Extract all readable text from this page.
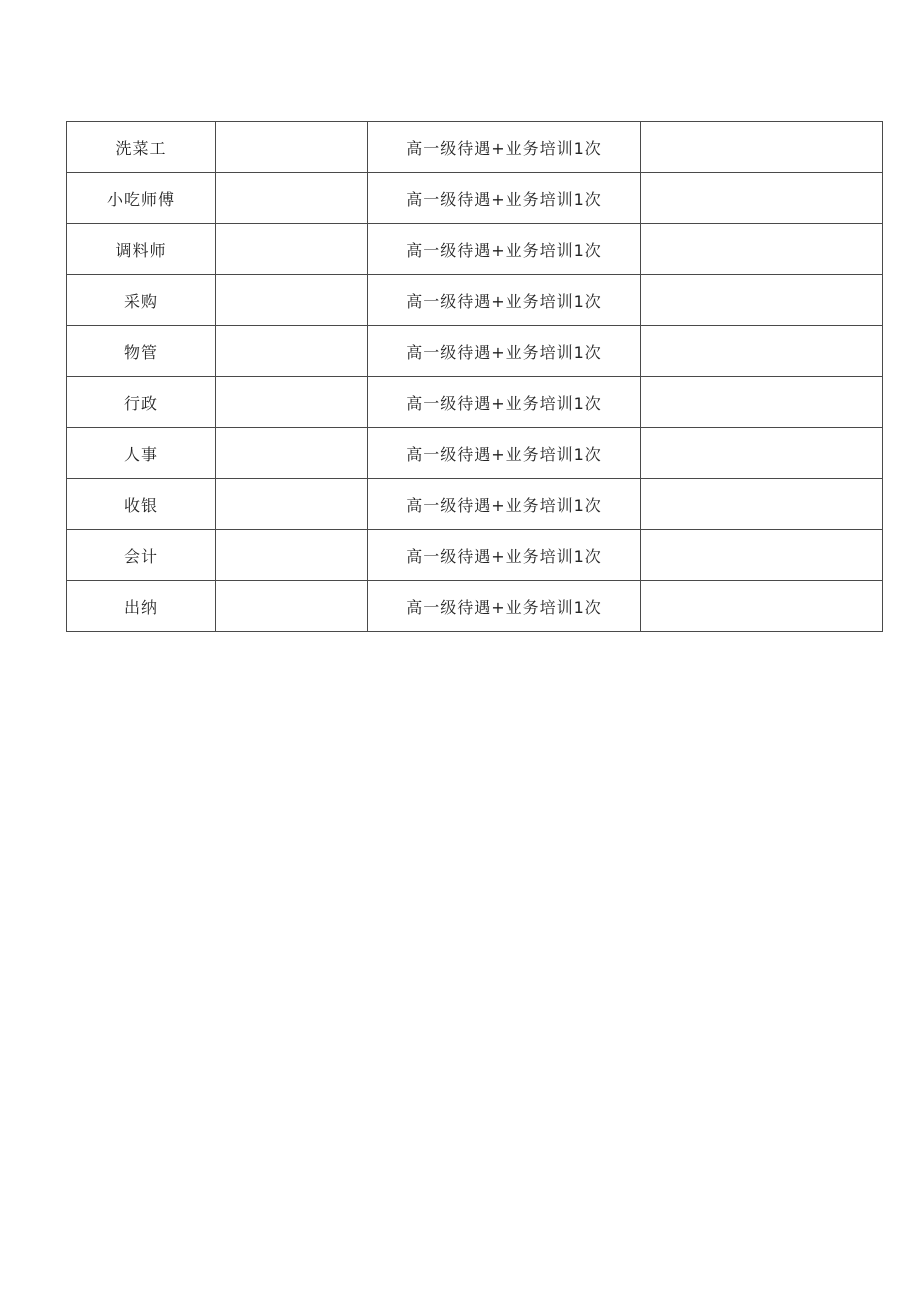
洗菜工		高一级待遇+业务培训1次	
小吃师傅		高一级待遇+业务培训1次	
调料师		高一级待遇+业务培训1次	
采购		高一级待遇+业务培训1次	
物管		高一级待遇+业务培训1次	
行政		高一级待遇+业务培训1次	
人事		高一级待遇+业务培训1次	
收银		高一级待遇+业务培训1次	
会计		高一级待遇+业务培训1次	
出纳		高一级待遇+业务培训1次	
